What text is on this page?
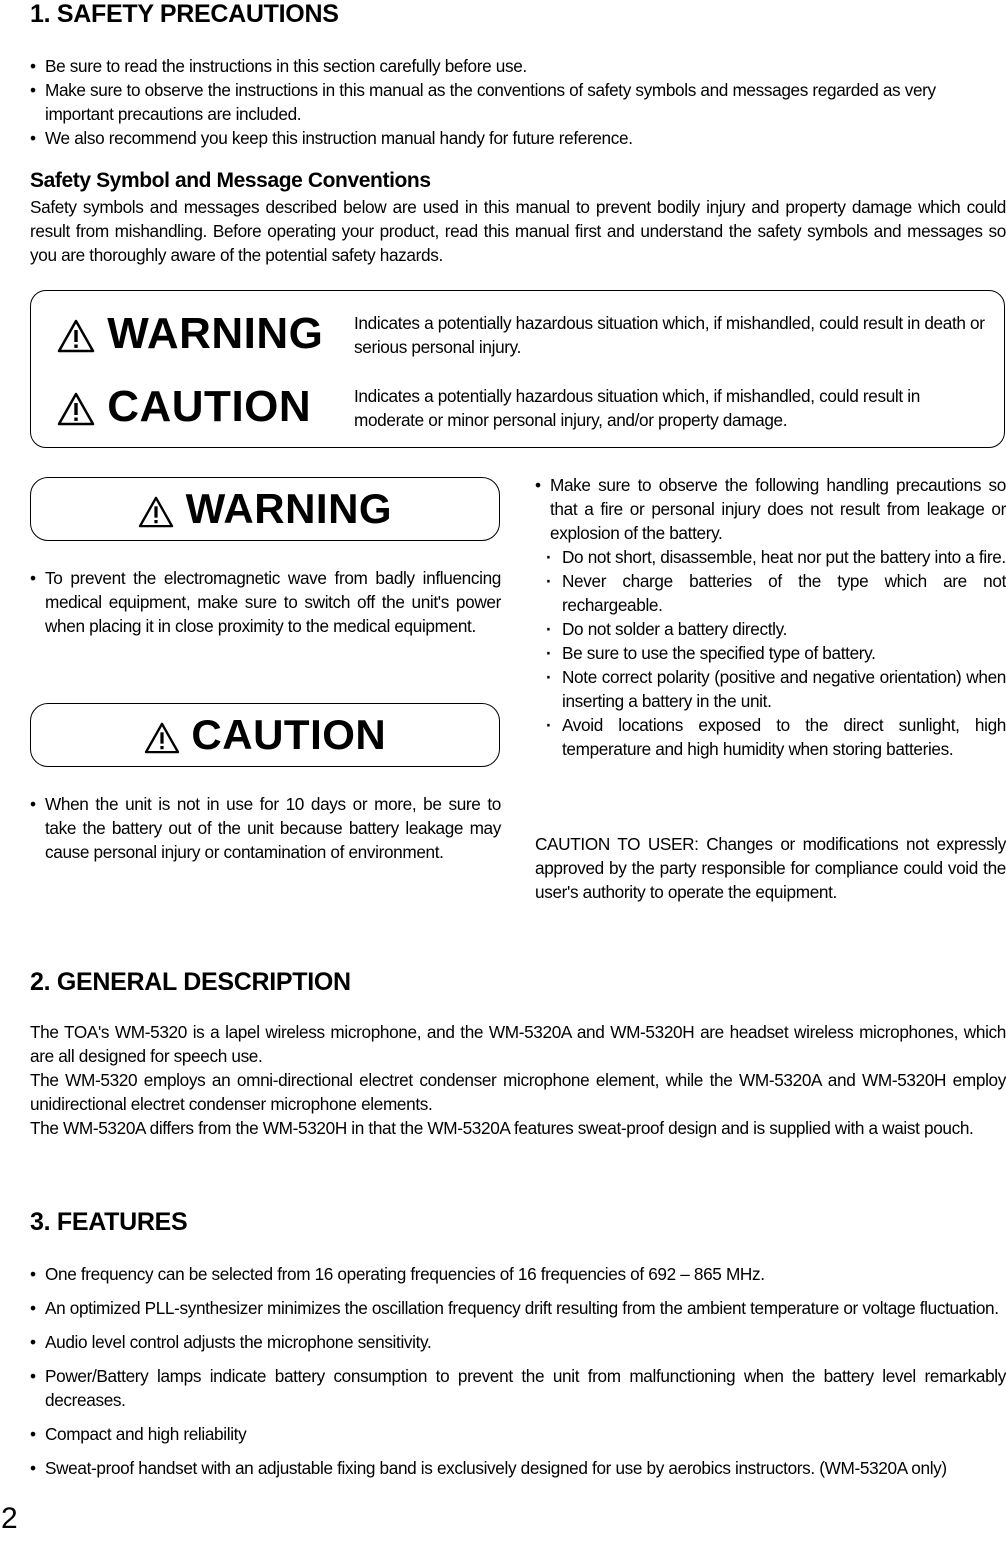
1. SAFETY PRECAUTIONS
• Be sure to read the instructions in this section carefully before use.
• Make sure to observe the instructions in this manual as the conventions of safety symbols and messages regarded as very important precautions are included.
• We also recommend you keep this instruction manual handy for future reference.
Safety Symbol and Message Conventions
Safety symbols and messages described below are used in this manual to prevent bodily injury and property damage which could result from mishandling. Before operating your product, read this manual first and understand the safety symbols and messages so you are thoroughly aware of the potential safety hazards.
WARNING Indicates a potentially hazardous situation which, if mishandled, could result in death or serious personal injury.
CAUTION Indicates a potentially hazardous situation which, if mishandled, could result in moderate or minor personal injury, and/or property damage.
WARNING
• To prevent the electromagnetic wave from badly influencing medical equipment, make sure to switch off the unit's power when placing it in close proximity to the medical equipment.
CAUTION
• When the unit is not in use for 10 days or more, be sure to take the battery out of the unit because battery leakage may cause personal injury or contamination of environment.
• Make sure to observe the following handling precautions so that a fire or personal injury does not result from leakage or explosion of the battery.
· Do not short, disassemble, heat nor put the battery into a fire.
· Never charge batteries of the type which are not rechargeable.
· Do not solder a battery directly.
· Be sure to use the specified type of battery.
· Note correct polarity (positive and negative orientation) when inserting a battery in the unit.
· Avoid locations exposed to the direct sunlight, high temperature and high humidity when storing batteries.
CAUTION TO USER: Changes or modifications not expressly approved by the party responsible for compliance could void the user's authority to operate the equipment.
2. GENERAL DESCRIPTION
The TOA's WM-5320 is a lapel wireless microphone, and the WM-5320A and WM-5320H are headset wireless microphones, which are all designed for speech use.
The WM-5320 employs an omni-directional electret condenser microphone element, while the WM-5320A and WM-5320H employ unidirectional electret condenser microphone elements.
The WM-5320A differs from the WM-5320H in that the WM-5320A features sweat-proof design and is supplied with a waist pouch.
3. FEATURES
• One frequency can be selected from 16 operating frequencies of 16 frequencies of 692 – 865 MHz.
• An optimized PLL-synthesizer minimizes the oscillation frequency drift resulting from the ambient temperature or voltage fluctuation.
• Audio level control adjusts the microphone sensitivity.
• Power/Battery lamps indicate battery consumption to prevent the unit from malfunctioning when the battery level remarkably decreases.
• Compact and high reliability
• Sweat-proof handset with an adjustable fixing band is exclusively designed for use by aerobics instructors. (WM-5320A only)
2
